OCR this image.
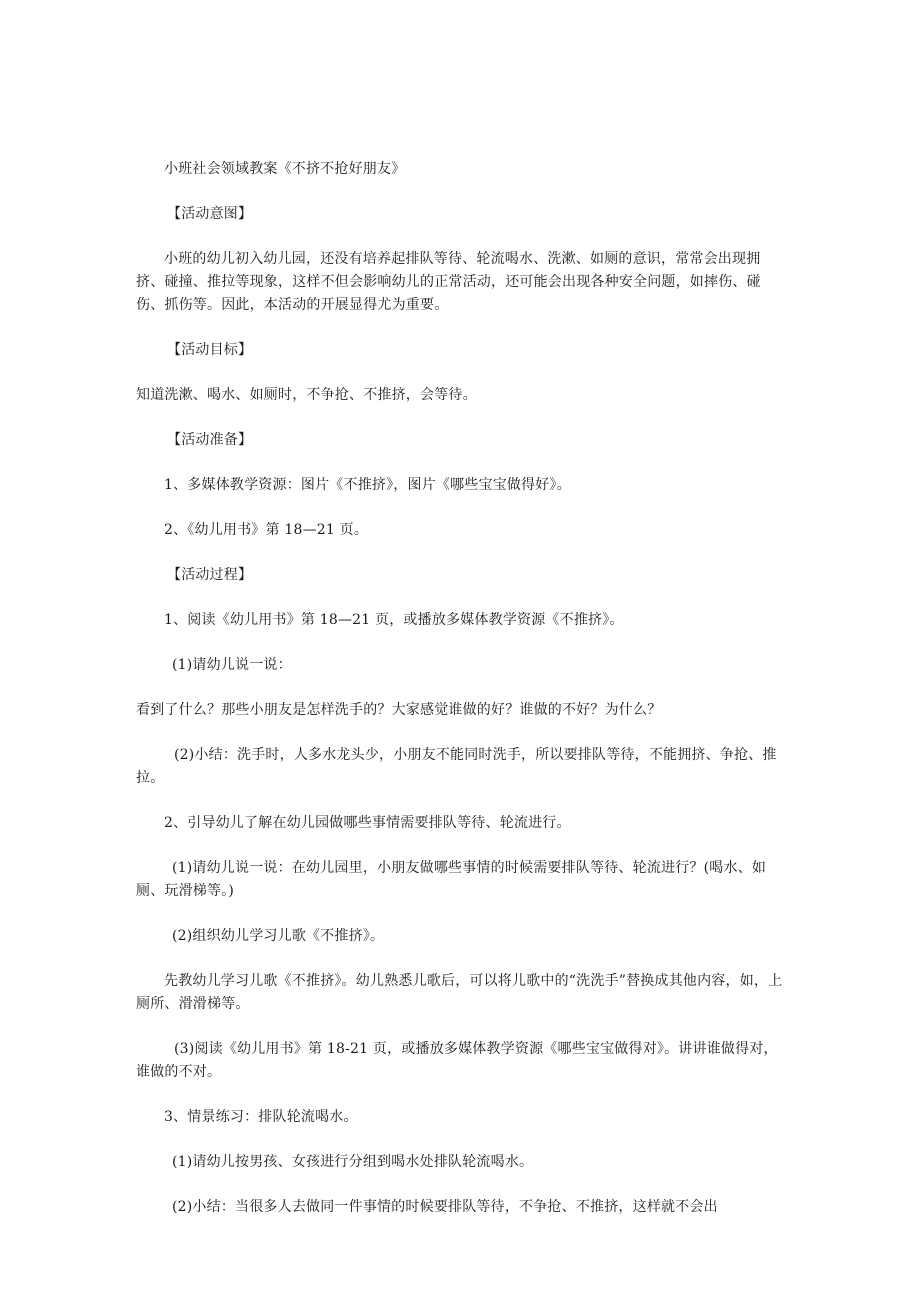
小班社会领域教案《不挤不抢好朋友》

【活动意图】

小班的幼儿初入幼儿园，还没有培养起排队等待、轮流喝水、洗漱、如厕的意识，常常会出现拥挤、碰撞、推拉等现象，这样不但会影响幼儿的正常活动，还可能会出现各种安全问题，如摔伤、碰伤、抓伤等。因此，本活动的开展显得尤为重要。

【活动目标】

知道洗漱、喝水、如厕时，不争抢、不推挤，会等待。

【活动准备】

1、多媒体教学资源：图片《不推挤》，图片《哪些宝宝做得好》。

2、《幼儿用书》第 18—21 页。

【活动过程】

1、阅读《幼儿用书》第 18—21 页，或播放多媒体教学资源《不推挤》。

(1)请幼儿说一说：

看到了什么？那些小朋友是怎样洗手的？大家感觉谁做的好？谁做的不好？为什么？

(2)小结：洗手时，人多水龙头少，小朋友不能同时洗手，所以要排队等待，不能拥挤、争抢、推拉。

2、引导幼儿了解在幼儿园做哪些事情需要排队等待、轮流进行。

(1)请幼儿说一说：在幼儿园里，小朋友做哪些事情的时候需要排队等待、轮流进行？(喝水、如厕、玩滑梯等。)

(2)组织幼儿学习儿歌《不推挤》。

先教幼儿学习儿歌《不推挤》。幼儿熟悉儿歌后，可以将儿歌中的“洗洗手”替换成其他内容，如，上厕所、滑滑梯等。

(3)阅读《幼儿用书》第 18-21 页，或播放多媒体教学资源《哪些宝宝做得对》。讲讲谁做得对，谁做的不对。

3、情景练习：排队轮流喝水。

(1)请幼儿按男孩、女孩进行分组到喝水处排队轮流喝水。

(2)小结：当很多人去做同一件事情的时候要排队等待，不争抢、不推挤，这样就不会出
